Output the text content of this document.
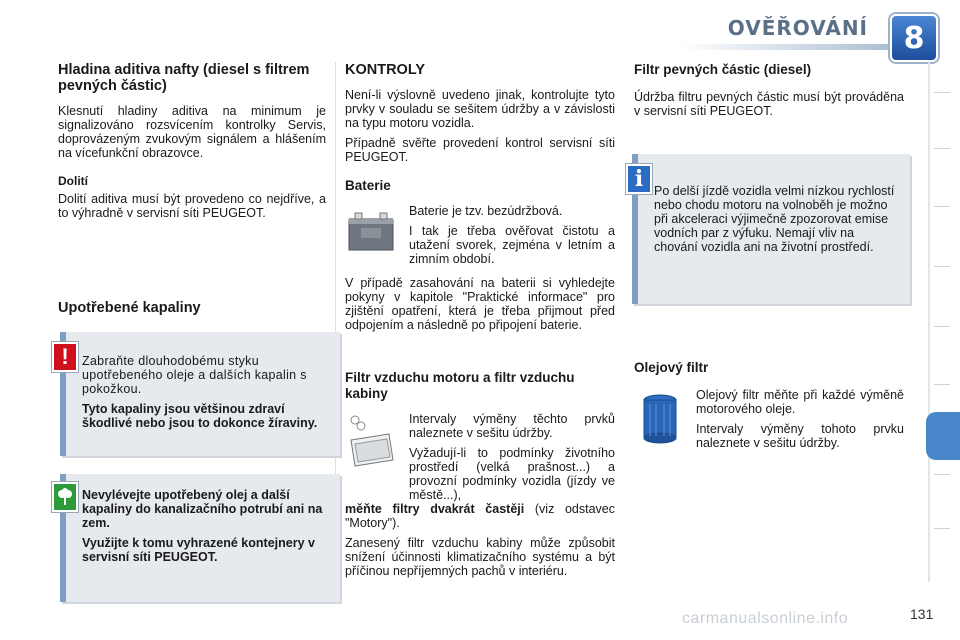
OVĚŘOVÁNÍ	8
Hladina aditiva nafty (diesel s filtrem pevných částic)

Klesnutí hladiny aditiva na minimum je signalizováno rozsvícením kontrolky Servis, doprovázeným zvukovým signálem a hlášením na vícefunkční obrazovce.

Dolití

Dolití aditiva musí být provedeno co nejdříve, a to výhradně v servisní síti PEUGEOT.

Upotřebené kapaliny

Zabraňte dlouhodobému styku upotřebeného oleje a dalších kapalin s pokožkou.

Tyto kapaliny jsou většinou zdraví škodlivé nebo jsou to dokonce žíraviny.

!

Nevylévejte upotřebený olej a další kapaliny do kanalizačního potrubí ani na zem.

Využijte k tomu vyhrazené kontejnery v servisní síti PEUGEOT.

KONTROLY

Není-li výslovně uvedeno jinak, kontrolujte tyto prvky v souladu se sešitem údržby a v závislosti na typu motoru vozidla.

Případně svěřte provedení kontrol servisní síti PEUGEOT.

Baterie

Baterie je tzv. bezúdržbová.

I tak je třeba ověřovat čistotu a utažení svorek, zejména v letním a zimním období.

V případě zasahování na baterii si vyhledejte pokyny v kapitole "Praktické informace" pro zjištění opatření, která je třeba přijmout před odpojením a následně po připojení baterie.

Filtr vzduchu motoru a filtr vzduchu kabiny

Intervaly výměny těchto prvků naleznete v sešitu údržby.

Vyžadují-li to podmínky životního prostředí (velká prašnost...) a provozní podmínky vozidla (jízdy ve městě...),

měňte filtry dvakrát častěji (viz odstavec "Motory").

Zanesený filtr vzduchu kabiny může způsobit snížení účinnosti klimatizačního systému a být příčinou nepříjemných pachů v interiéru.

Filtr pevných částic (diesel)

Údržba filtru pevných částic musí být prováděna v servisní síti PEUGEOT.

Po delší jízdě vozidla velmi nízkou rychlostí nebo chodu motoru na volnoběh je možno při akceleraci výjimečně zpozorovat emise vodních par z výfuku. Nemají vliv na chování vozidla ani na životní prostředí.

i
Olejový filtr

Olejový filtr měňte při každé výměně motorového oleje.

Intervaly výměny tohoto prvku naleznete v sešitu údržby.

carmanualsonline.info	131
